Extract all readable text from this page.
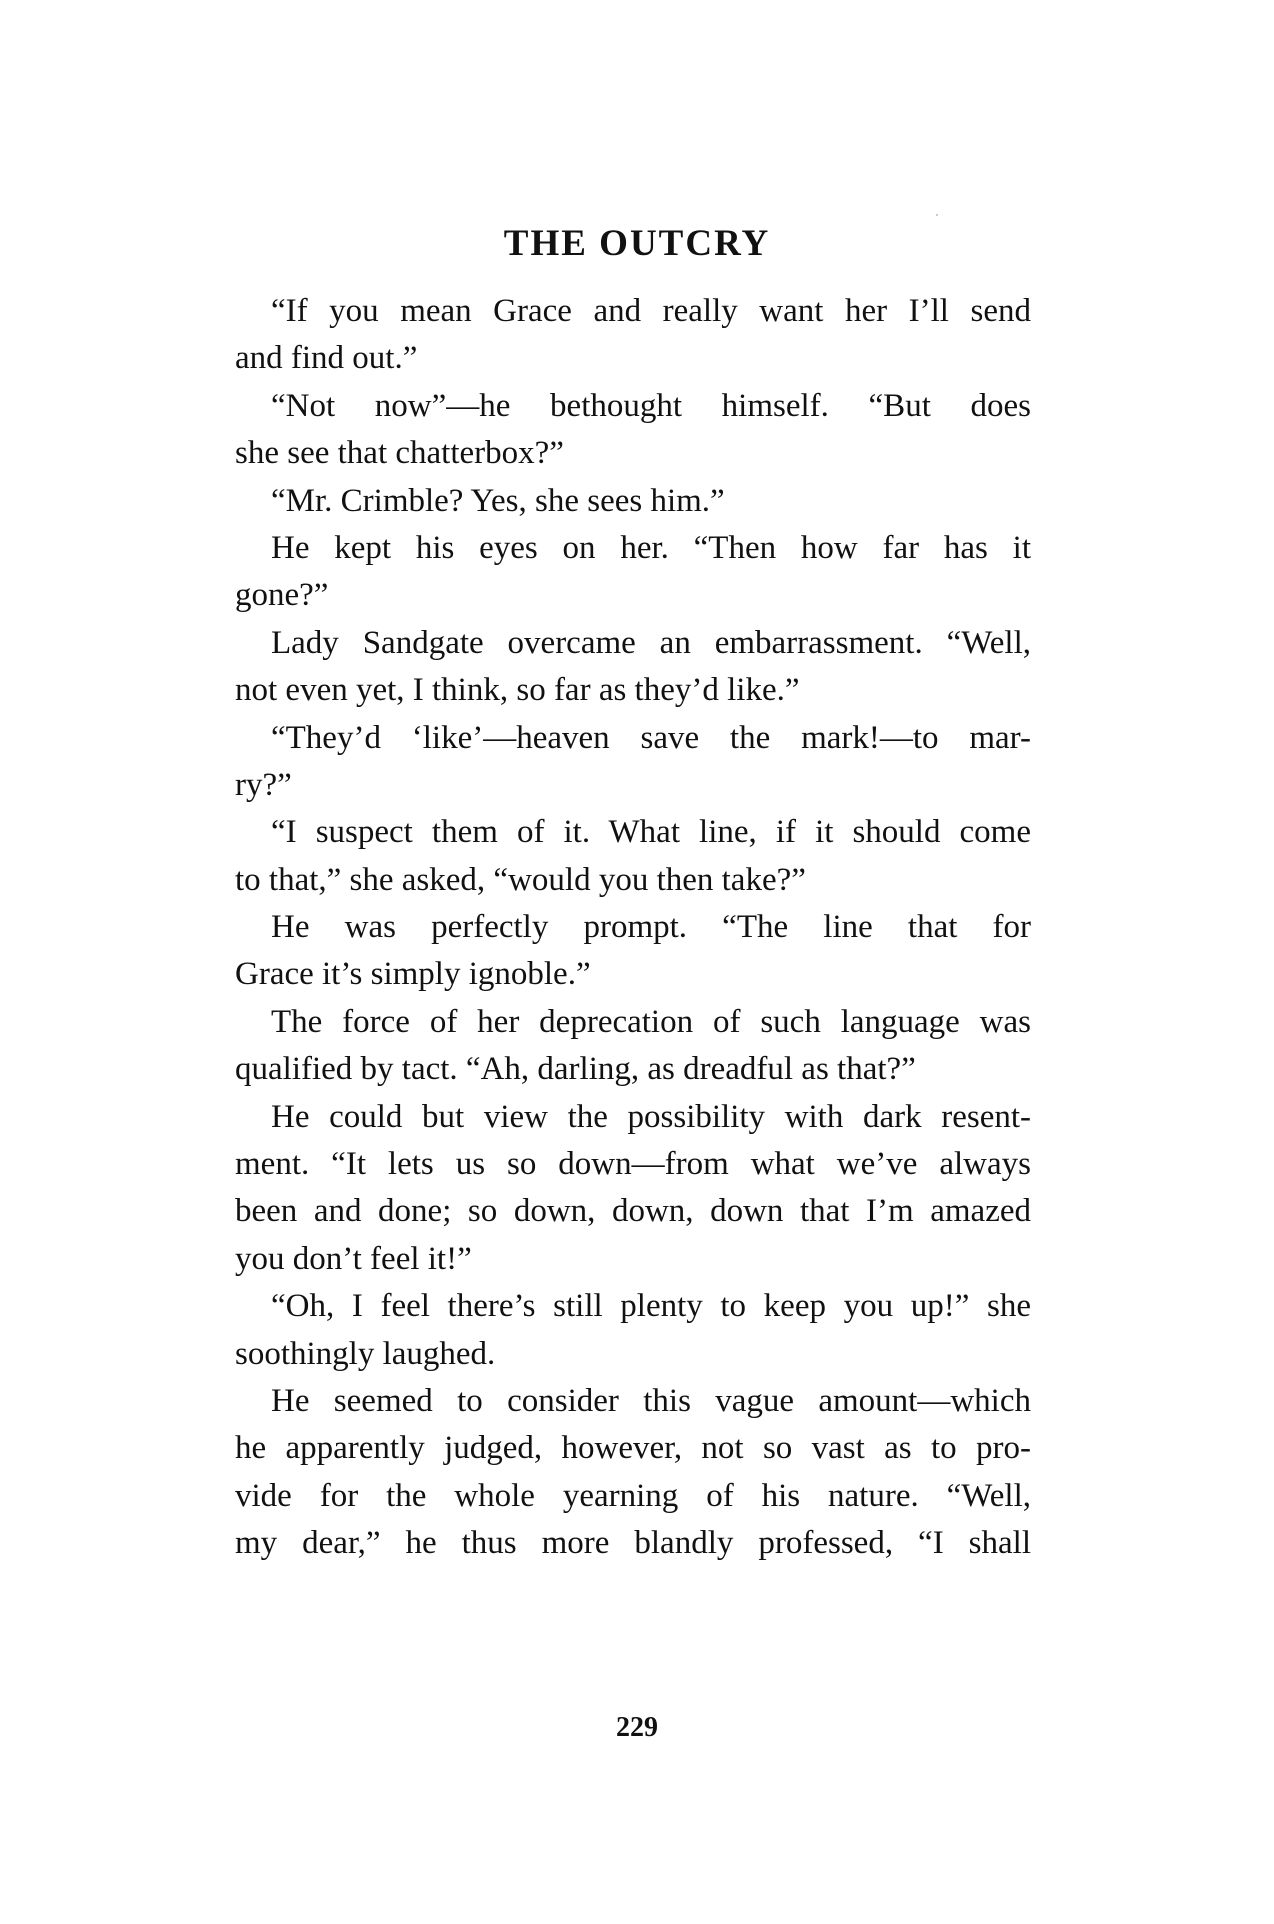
THE OUTCRY
“If you mean Grace and really want her I’ll send
and find out.”
“Not now”—he bethought himself. “But does
she see that chatterbox?”
“Mr. Crimble? Yes, she sees him.”
He kept his eyes on her. “Then how far has it
gone?”
Lady Sandgate overcame an embarrassment. “Well,
not even yet, I think, so far as they’d like.”
“They’d ‘like’—heaven save the mark!—to mar-
ry?”
“I suspect them of it. What line, if it should come
to that,” she asked, “would you then take?”
He was perfectly prompt. “The line that for
Grace it’s simply ignoble.”
The force of her deprecation of such language was
qualified by tact. “Ah, darling, as dreadful as that?”
He could but view the possibility with dark resent-
ment. “It lets us so down—from what we’ve always
been and done; so down, down, down that I’m amazed
you don’t feel it!”
“Oh, I feel there’s still plenty to keep you up!” she
soothingly laughed.
He seemed to consider this vague amount—which
he apparently judged, however, not so vast as to pro-
vide for the whole yearning of his nature. “Well,
my dear,” he thus more blandly professed, “I shall
229
